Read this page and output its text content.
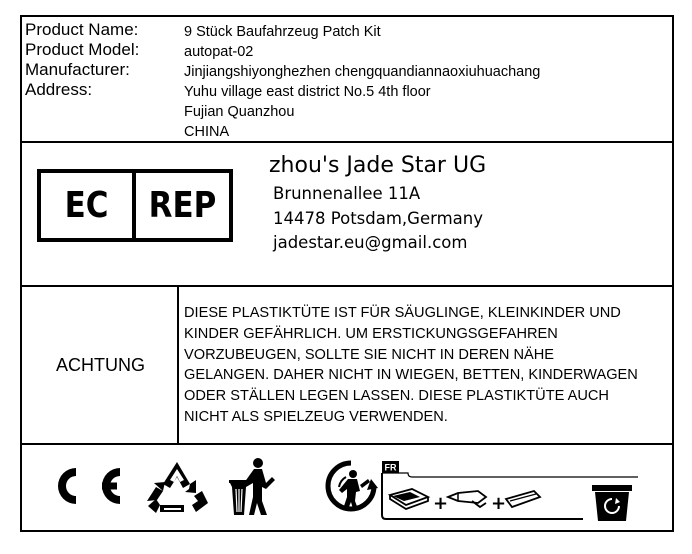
Product Name:
Product Model:
Manufacturer:
Address:
9 Stück Baufahrzeug Patch Kit
autopat-02
Jinjiangshiyonghezhen chengquandiannaoxiuhuachang
Yuhu village east district No.5 4th floor
Fujian Quanzhou
CHINA
EC	REP
zhou's Jade Star UG
Brunnenallee 11A
14478 Potsdam,Germany
jadestar.eu@gmail.com
ACHTUNG
DIESE PLASTIKTÜTE IST FÜR SÄUGLINGE, KLEINKINDER UND
KINDER GEFÄHRLICH. UM ERSTICKUNGSGEFAHREN
VORZUBEUGEN, SOLLTE SIE NICHT IN DEREN NÄHE
GELANGEN. DAHER NICHT IN WIEGEN, BETTEN, KINDERWAGEN
ODER STÄLLEN LEGEN LASSEN. DIESE PLASTIKTÜTE AUCH
NICHT ALS SPIELZEUG VERWENDEN.
FR
+ +
